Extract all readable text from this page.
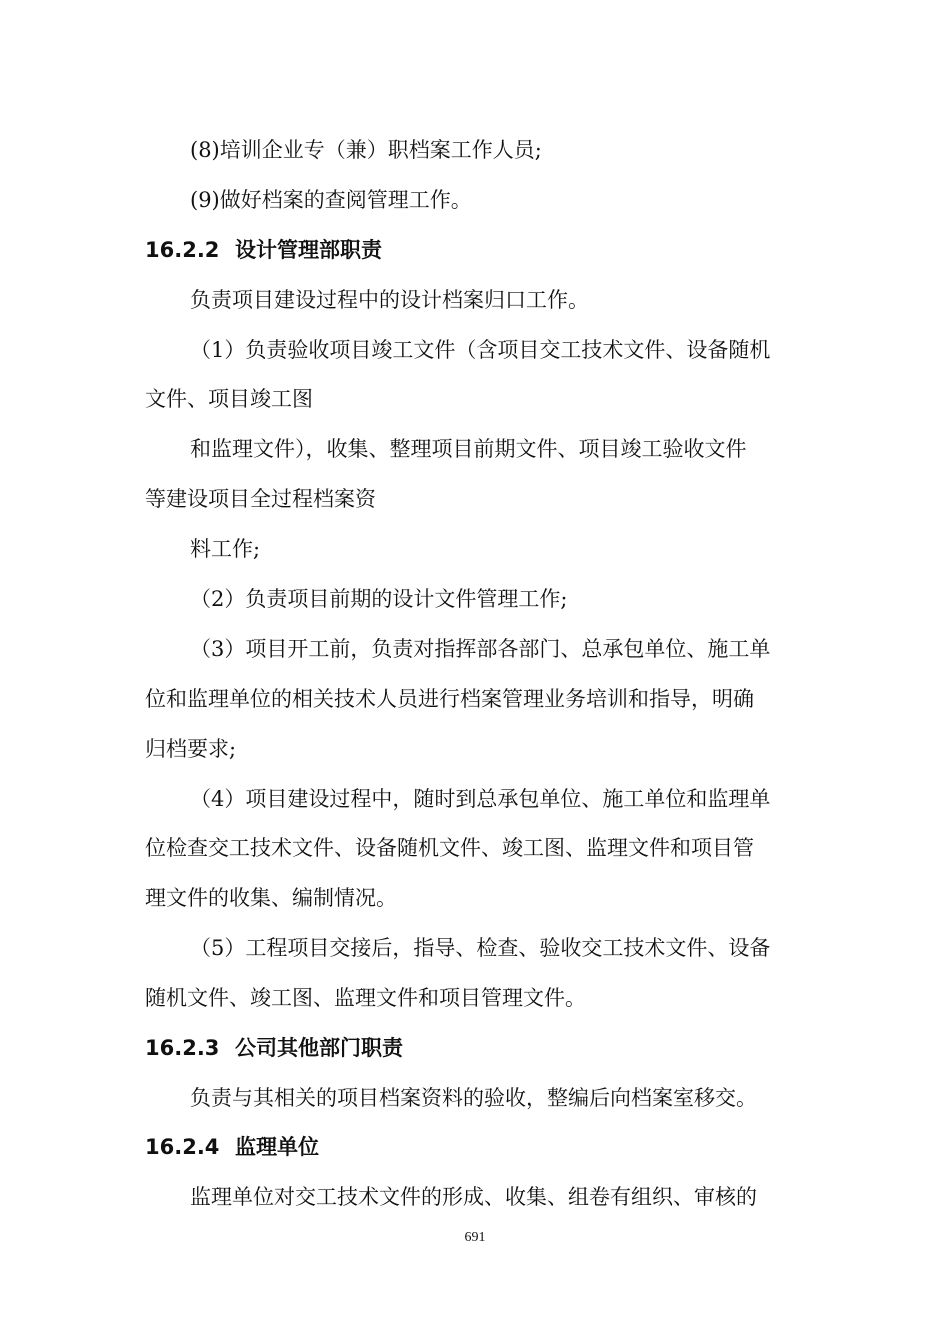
(8)培训企业专（兼）职档案工作人员;
(9)做好档案的查阅管理工作。
16.2.2 设计管理部职责
负责项目建设过程中的设计档案归口工作。
（1）负责验收项目竣工文件（含项目交工技术文件、设备随机
文件、项目竣工图
和监理文件），收集、整理项目前期文件、项目竣工验收文件
等建设项目全过程档案资
料工作;
（2）负责项目前期的设计文件管理工作;
（3）项目开工前，负责对指挥部各部门、总承包单位、施工单
位和监理单位的相关技术人员进行档案管理业务培训和指导，明确
归档要求;
（4）项目建设过程中，随时到总承包单位、施工单位和监理单
位检查交工技术文件、设备随机文件、竣工图、监理文件和项目管
理文件的收集、编制情况。
（5）工程项目交接后，指导、检查、验收交工技术文件、设备
随机文件、竣工图、监理文件和项目管理文件。
16.2.3 公司其他部门职责
负责与其相关的项目档案资料的验收，整编后向档案室移交。
16.2.4 监理单位
监理单位对交工技术文件的形成、收集、组卷有组织、审核的
691
